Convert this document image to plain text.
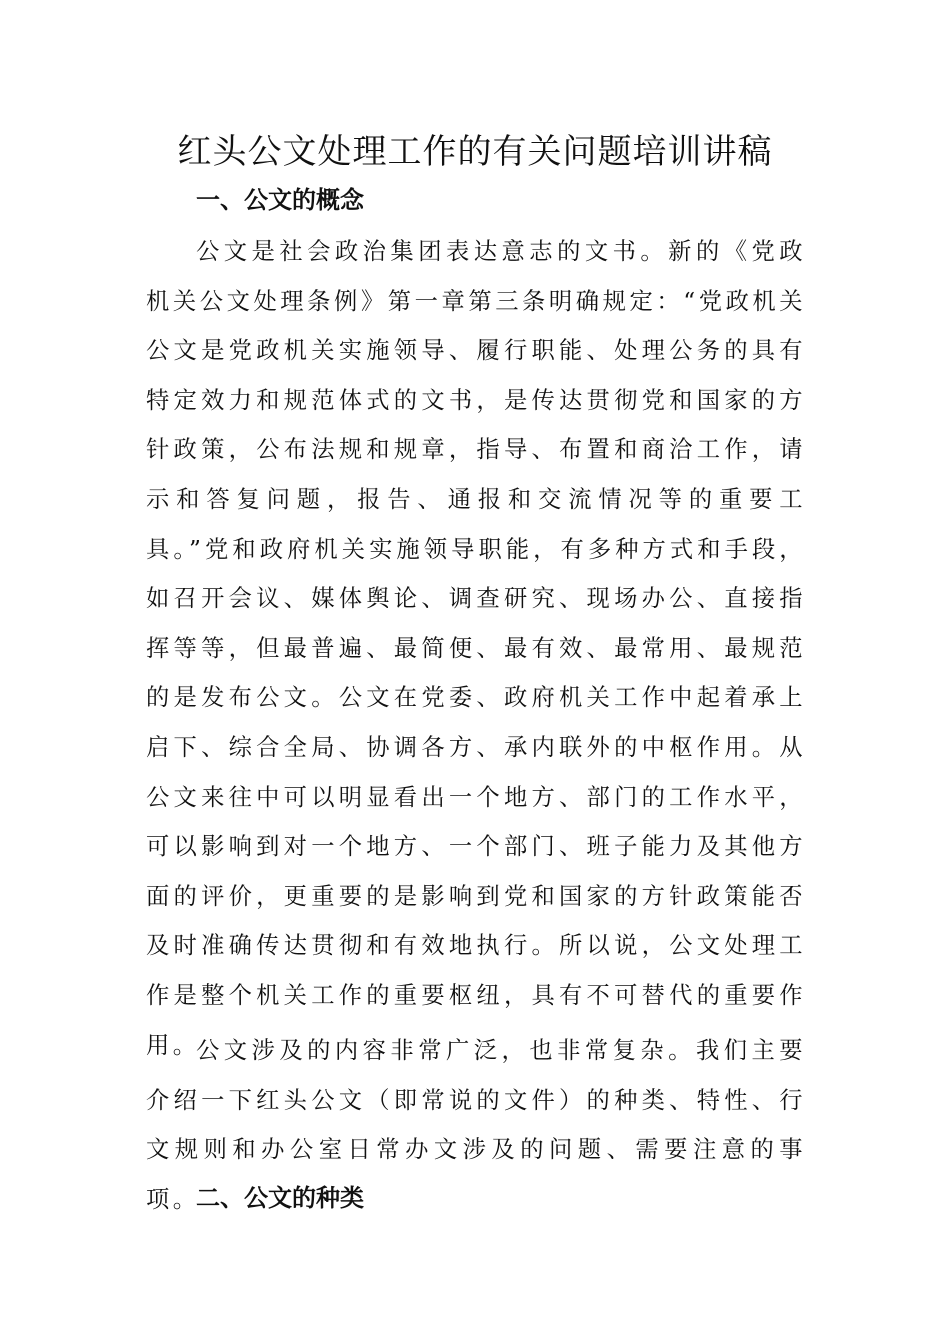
红头公文处理工作的有关问题培训讲稿
一、公文的概念

公文是社会政治集团表达意志的文书。新的《党政机关公文处理条例》第一章第三条明确规定：“党政机关公文是党政机关实施领导、履行职能、处理公务的具有特定效力和规范体式的文书，是传达贯彻党和国家的方针政策，公布法规和规章，指导、布置和商洽工作，请示和答复问题，报告、通报和交流情况等的重要工具。”党和政府机关实施领导职能，有多种方式和手段，如召开会议、媒体舆论、调查研究、现场办公、直接指挥等等，但最普遍、最简便、最有效、最常用、最规范的是发布公文。公文在党委、政府机关工作中起着承上启下、综合全局、协调各方、承内联外的中枢作用。从公文来往中可以明显看出一个地方、部门的工作水平，可以影响到对一个地方、一个部门、班子能力及其他方面的评价，更重要的是影响到党和国家的方针政策能否及时准确传达贯彻和有效地执行。所以说，公文处理工作是整个机关工作的重要枢纽，具有不可替代的重要作用。

公文涉及的内容非常广泛，也非常复杂。我们主要介绍一下红头公文（即常说的文件）的种类、特性、行文规则和办公室日常办文涉及的问题、需要注意的事项。

二、公文的种类
